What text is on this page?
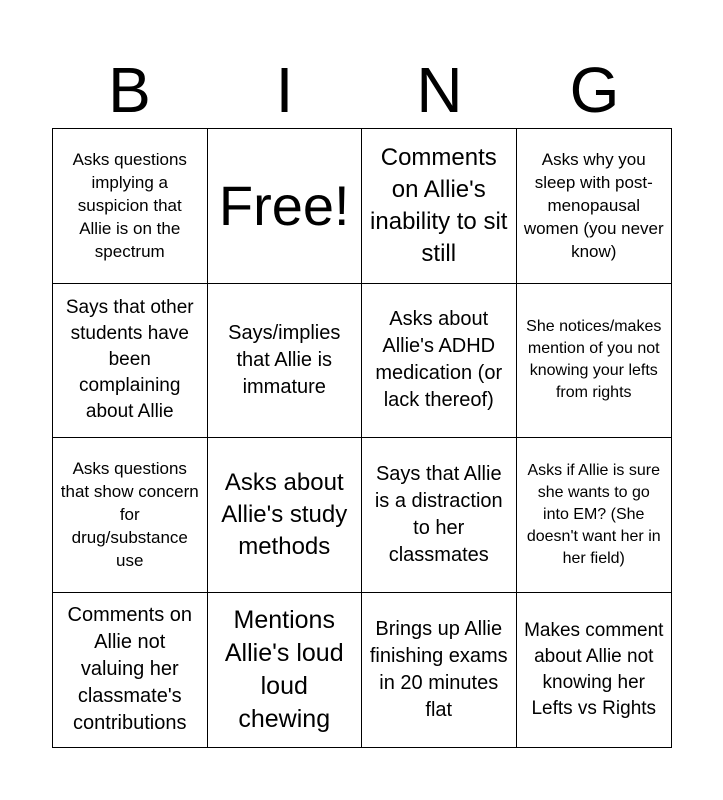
B	I	N	G
Asks questions implying a suspicion that Allie is on the spectrum
Free!
Comments on Allie's inability to sit still
Asks why you sleep with post-menopausal women (you never know)
Says that other students have been complaining about Allie
Says/implies that Allie is immature
Asks about Allie's ADHD medication (or lack thereof)
She notices/makes mention of you not knowing your lefts from rights
Asks questions that show concern for drug/substance use
Asks about Allie's study methods
Says that Allie is a distraction to her classmates
Asks if Allie is sure she wants to go into EM? (She doesn't want her in her field)
Comments on Allie not valuing her classmate's contributions
Mentions Allie's loud loud chewing
Brings up Allie finishing exams in 20 minutes flat
Makes comment about Allie not knowing her Lefts vs Rights
